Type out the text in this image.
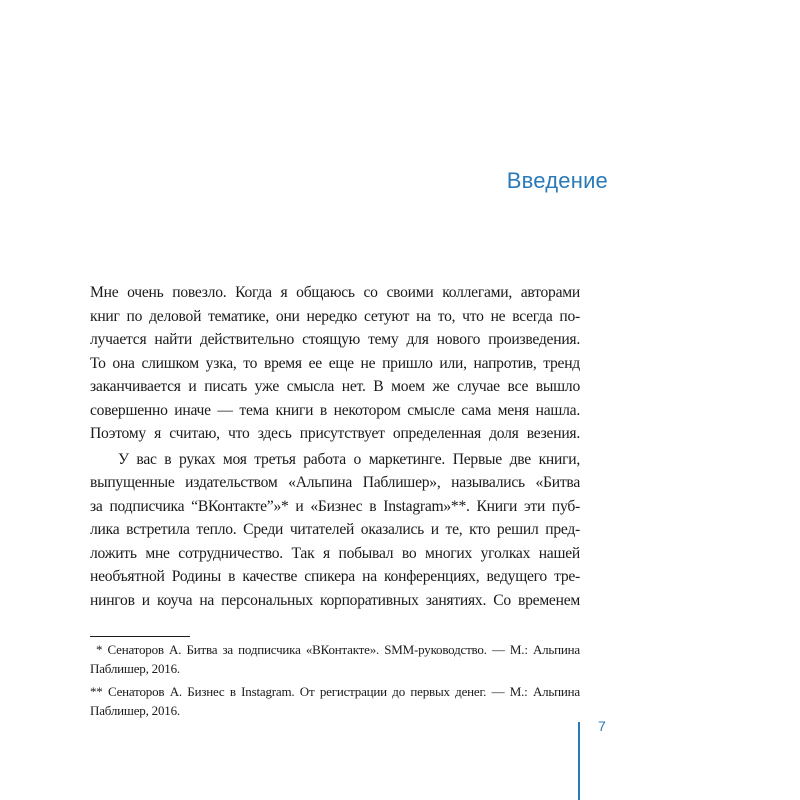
Введение
Мне очень повезло. Когда я общаюсь со своими коллегами, авторами
книг по деловой тематике, они нередко сетуют на то, что не всегда по-
лучается найти действительно стоящую тему для нового произведения.
То она слишком узка, то время ее еще не пришло или, напротив, тренд
заканчивается и писать уже смысла нет. В моем же случае все вышло
совершенно иначе — тема книги в некотором смысле сама меня нашла.
Поэтому я считаю, что здесь присутствует определенная доля везения.
У вас в руках моя третья работа о маркетинге. Первые две книги,
выпущенные издательством «Альпина Паблишер», назывались «Битва
за подписчика “ВКонтакте”»* и «Бизнес в Instagram»**. Книги эти пуб-
лика встретила тепло. Среди читателей оказались и те, кто решил пред-
ложить мне сотрудничество. Так я побывал во многих уголках нашей
необъятной Родины в качестве спикера на конференциях, ведущего тре-
нингов и коуча на персональных корпоративных занятиях. Со временем
* Сенаторов А. Битва за подписчика «ВКонтакте». SMM-руководство. — М.: Альпина
Паблишер, 2016.
** Сенаторов А. Бизнес в Instagram. От регистрации до первых денег. — М.: Альпина
Паблишер, 2016.
7
